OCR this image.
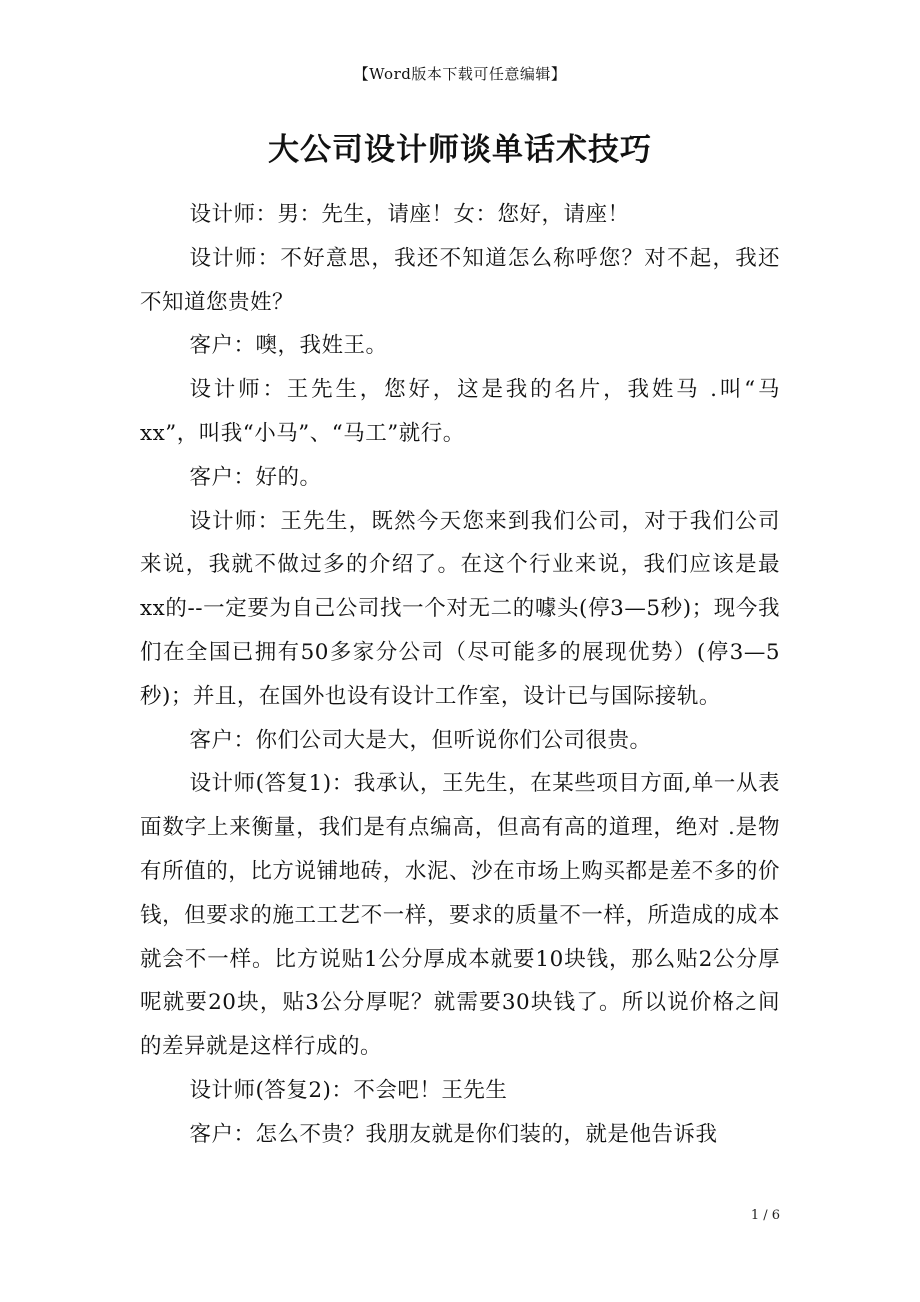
【Word版本下载可任意编辑】
大公司设计师谈单话术技巧

设计师：男：先生，请座！女：您好，请座！

设计师：不好意思，我还不知道怎么称呼您？对不起，我还不知道您贵姓？

客户：噢，我姓王。

设计师：王先生，您好，这是我的名片，我姓马 .叫“马xx”，叫我“小马”、“马工”就行。

客户：好的。

设计师：王先生，既然今天您来到我们公司，对于我们公司来说，我就不做过多的介绍了。在这个行业来说，我们应该是最xx的--一定要为自己公司找一个对无二的噱头(停3—5秒)；现今我们在全国已拥有50多家分公司（尽可能多的展现优势）(停3—5秒)；并且，在国外也设有设计工作室，设计已与国际接轨。

客户：你们公司大是大，但听说你们公司很贵。

设计师(答复1)：我承认，王先生，在某些项目方面,单一从表面数字上来衡量，我们是有点编高，但高有高的道理，绝对 .是物有所值的，比方说铺地砖，水泥、沙在市场上购买都是差不多的价钱，但要求的施工工艺不一样，要求的质量不一样，所造成的成本就会不一样。比方说贴1公分厚成本就要10块钱，那么贴2公分厚呢就要20块，贴3公分厚呢？就需要30块钱了。所以说价格之间的差异就是这样行成的。

设计师(答复2)：不会吧！王先生

客户：怎么不贵？我朋友就是你们装的，就是他告诉我

1 / 6
